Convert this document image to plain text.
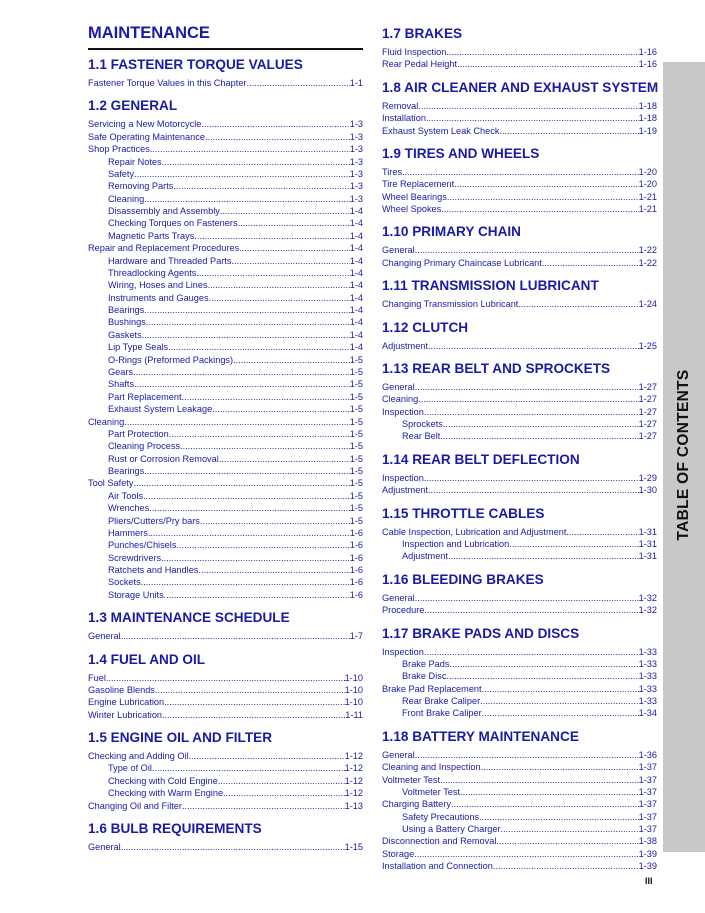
MAINTENANCE
1.1 FASTENER TORQUE VALUES
Fastener Torque Values in this Chapter .....	1-1
1.2 GENERAL
Servicing a New Motorcycle .....	1-3
Safe Operating Maintenance .....	1-3
Shop Practices .....	1-3
Repair Notes .....	1-3
Safety .....	1-3
Removing Parts .....	1-3
Cleaning .....	1-3
Disassembly and Assembly .....	1-4
Checking Torques on Fasteners .....	1-4
Magnetic Parts Trays .....	1-4
Repair and Replacement Procedures .....	1-4
Hardware and Threaded Parts .....	1-4
Threadlocking Agents .....	1-4
Wiring, Hoses and Lines .....	1-4
Instruments and Gauges .....	1-4
Bearings .....	1-4
Bushings .....	1-4
Gaskets .....	1-4
Lip Type Seals .....	1-4
O-Rings (Preformed Packings) .....	1-5
Gears .....	1-5
Shafts .....	1-5
Part Replacement .....	1-5
Exhaust System Leakage .....	1-5
Cleaning .....	1-5
Part Protection .....	1-5
Cleaning Process .....	1-5
Rust or Corrosion Removal .....	1-5
Bearings .....	1-5
Tool Safety .....	1-5
Air Tools .....	1-5
Wrenches .....	1-5
Pliers/Cutters/Pry bars .....	1-5
Hammers .....	1-6
Punches/Chisels .....	1-6
Screwdrivers .....	1-6
Ratchets and Handles .....	1-6
Sockets .....	1-6
Storage Units .....	1-6
1.3 MAINTENANCE SCHEDULE
General .....	1-7
1.4 FUEL AND OIL
Fuel .....	1-10
Gasoline Blends .....	1-10
Engine Lubrication .....	1-10
Winter Lubrication .....	1-11
1.5 ENGINE OIL AND FILTER
Checking and Adding Oil .....	1-12
Type of Oil .....	1-12
Checking with Cold Engine .....	1-12
Checking with Warm Engine .....	1-12
Changing Oil and Filter .....	1-13
1.6 BULB REQUIREMENTS
General .....	1-15
1.7 BRAKES
Fluid Inspection .....	1-16
Rear Pedal Height .....	1-16
1.8 AIR CLEANER AND EXHAUST SYSTEM
Removal .....	1-18
Installation .....	1-18
Exhaust System Leak Check .....	1-19
1.9 TIRES AND WHEELS
Tires .....	1-20
Tire Replacement .....	1-20
Wheel Bearings .....	1-21
Wheel Spokes .....	1-21
1.10 PRIMARY CHAIN
General .....	1-22
Changing Primary Chaincase Lubricant .....	1-22
1.11 TRANSMISSION LUBRICANT
Changing Transmission Lubricant .....	1-24
1.12 CLUTCH
Adjustment .....	1-25
1.13 REAR BELT AND SPROCKETS
General .....	1-27
Cleaning .....	1-27
Inspection .....	1-27
Sprockets .....	1-27
Rear Belt .....	1-27
1.14 REAR BELT DEFLECTION
Inspection .....	1-29
Adjustment .....	1-30
1.15 THROTTLE CABLES
Cable Inspection, Lubrication and Adjustment .....	1-31
Inspection and Lubrication .....	1-31
Adjustment .....	1-31
1.16 BLEEDING BRAKES
General .....	1-32
Procedure .....	1-32
1.17 BRAKE PADS AND DISCS
Inspection .....	1-33
Brake Pads .....	1-33
Brake Disc .....	1-33
Brake Pad Replacement .....	1-33
Rear Brake Caliper .....	1-33
Front Brake Caliper .....	1-34
1.18 BATTERY MAINTENANCE
General .....	1-36
Cleaning and Inspection .....	1-37
Voltmeter Test .....	1-37
Voltmeter Test .....	1-37
Charging Battery .....	1-37
Safety Precautions .....	1-37
Using a Battery Charger .....	1-37
Disconnection and Removal .....	1-38
Storage .....	1-39
Installation and Connection .....	1-39
TABLE OF CONTENTS
III
